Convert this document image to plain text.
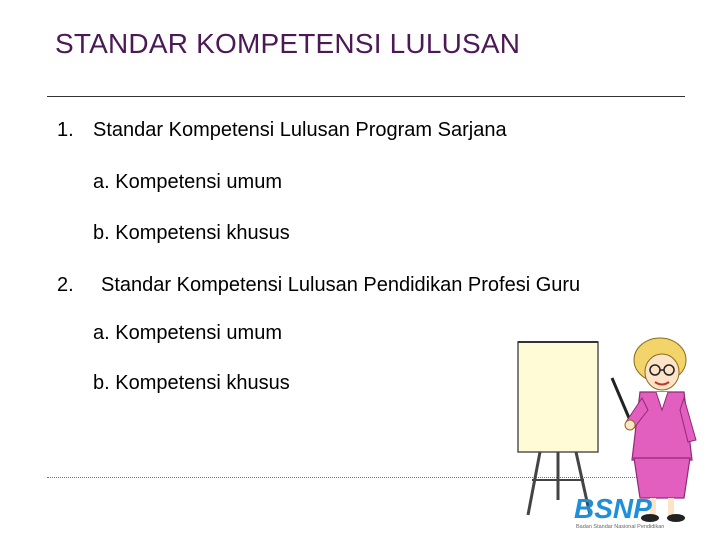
STANDAR KOMPETENSI LULUSAN
1. Standar Kompetensi Lulusan Program Sarjana
a. Kompetensi umum
b. Kompetensi khusus
2. Standar Kompetensi Lulusan Pendidikan Profesi Guru
a. Kompetensi umum
b. Kompetensi khusus
BSNP
Badan Standar Nasional Pendidikan
